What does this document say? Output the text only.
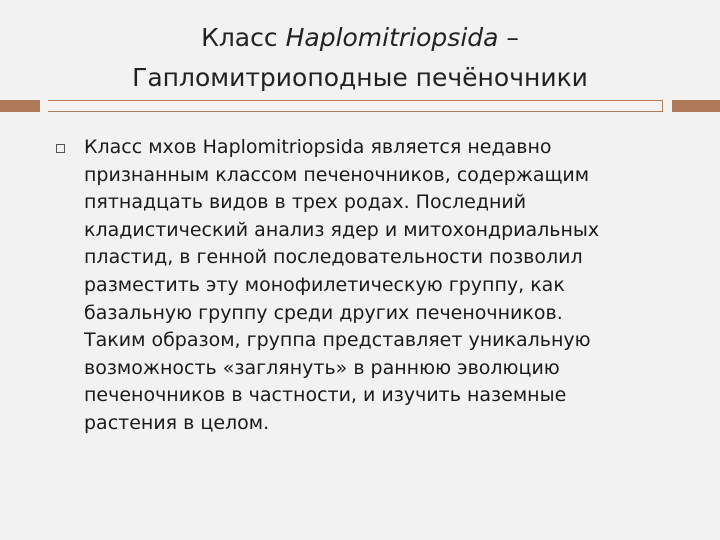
Класс Haplomitriopsida –
Гапломитриоподные печёночники

Класс мхов Haplomitriopsida является недавно
признанным классом печеночников, содержащим
пятнадцать видов в трех родах. Последний
кладистический анализ ядер и митохондриальных
пластид, в генной последовательности позволил
разместить эту монофилетическую группу, как
базальную группу среди других печеночников.
Таким образом, группа представляет уникальную
возможность «заглянуть» в раннюю эволюцию
печеночников в частности, и изучить наземные
растения в целом.
